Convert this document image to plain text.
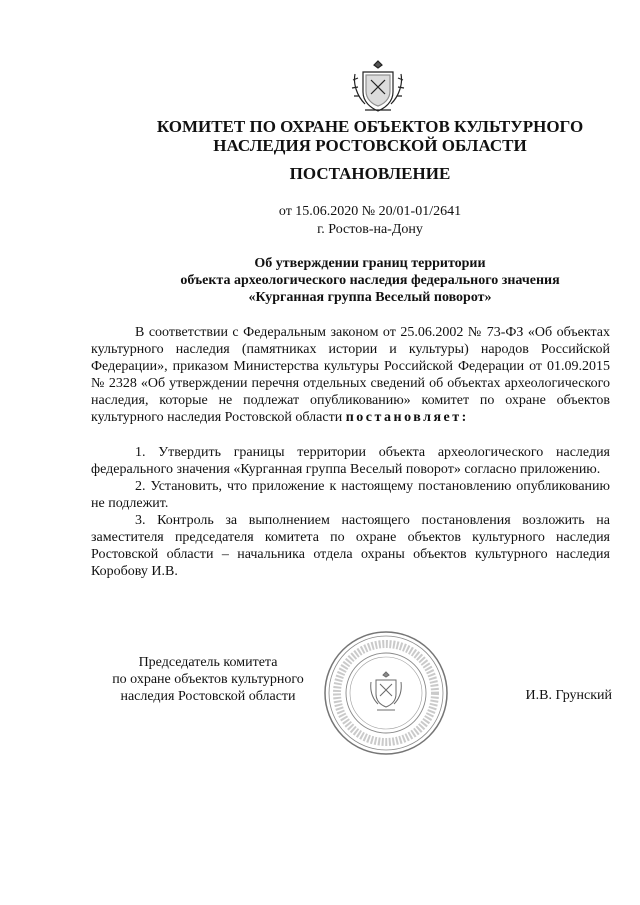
КОМИТЕТ ПО ОХРАНЕ ОБЪЕКТОВ КУЛЬТУРНОГО
НАСЛЕДИЯ РОСТОВСКОЙ ОБЛАСТИ
ПОСТАНОВЛЕНИЕ
от 15.06.2020 № 20/01-01/2641
г. Ростов-на-Дону
Об утверждении границ территории
объекта археологического наследия федерального значения
«Курганная группа Веселый поворот»

В соответствии с Федеральным законом от 25.06.2002 № 73-ФЗ «Об объектах культурного наследия (памятниках истории и культуры) народов Российской Федерации», приказом Министерства культуры Российской Федерации от 01.09.2015 № 2328 «Об утверждении перечня отдельных сведений об объектах археологического наследия, которые не подлежат опубликованию» комитет по охране объектов культурного наследия Ростовской области постановляет:

1. Утвердить границы территории объекта археологического наследия федерального значения «Курганная группа Веселый поворот» согласно приложению.

2. Установить, что приложение к настоящему постановлению опубликованию не подлежит.

3. Контроль за выполнением настоящего постановления возложить на заместителя председателя комитета по охране объектов культурного наследия Ростовской области – начальника отдела охраны объектов культурного наследия Коробову И.В.

Председатель комитета
по охране объектов культурного
наследия Ростовской области	И.В. Грунский
